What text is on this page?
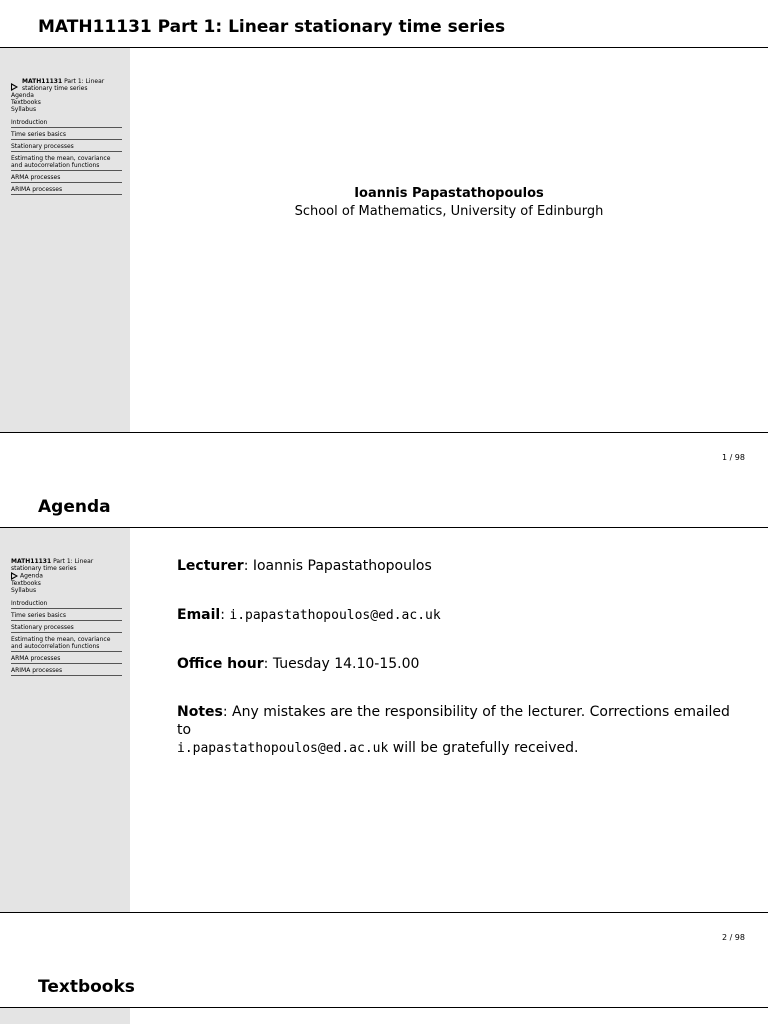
MATH11131 Part 1: Linear stationary time series
MATH11131 Part 1: Linear stationary time series
Agenda
Textbooks
Syllabus
Introduction
Time series basics
Stationary processes
Estimating the mean, covariance and autocorrelation functions
ARMA processes
ARIMA processes	Ioannis Papastathopoulos
School of Mathematics, University of Edinburgh
1 / 98
Agenda
MATH11131 Part 1: Linear stationary time series
Agenda
Textbooks
Syllabus
Introduction
Time series basics
Stationary processes
Estimating the mean, covariance and autocorrelation functions
ARMA processes
ARIMA processes
Lecturer: Ioannis Papastathopoulos
Email: i.papastathopoulos@ed.ac.uk
Office hour: Tuesday 14.10-15.00
Notes: Any mistakes are the responsibility of the lecturer. Corrections emailed to
i.papastathopoulos@ed.ac.uk will be gratefully received.
2 / 98
Textbooks
